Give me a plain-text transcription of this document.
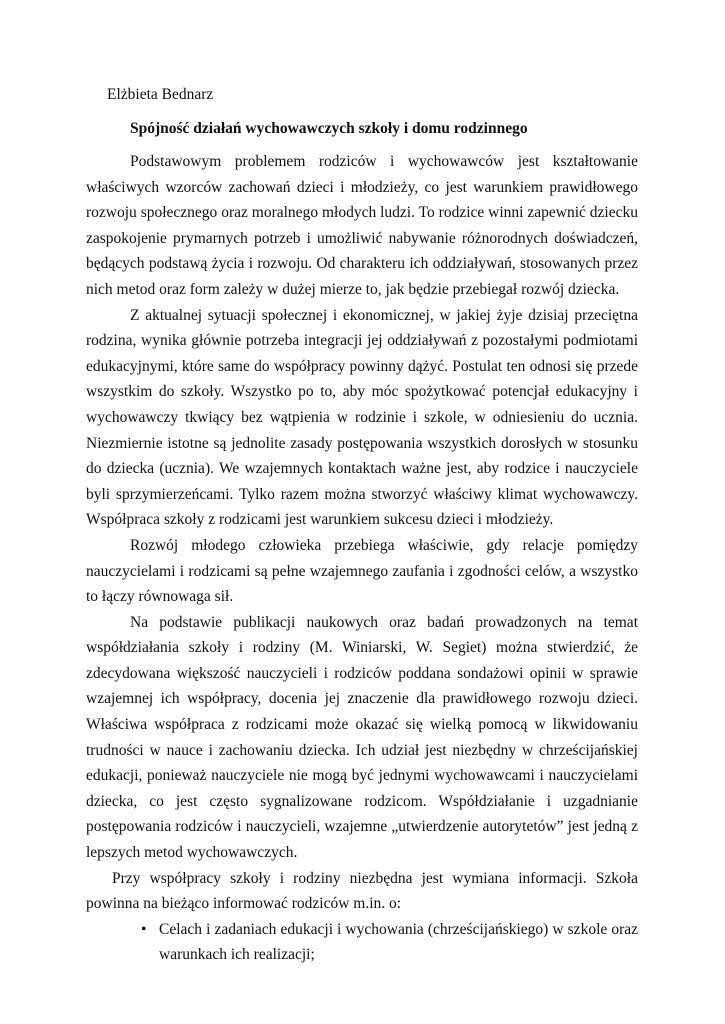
Elżbieta Bednarz

Spójność działań wychowawczych szkoły i domu rodzinnego

Podstawowym problemem rodziców i wychowawców jest kształtowanie właściwych wzorców zachowań dzieci i młodzieży, co jest warunkiem prawidłowego rozwoju społecznego oraz moralnego młodych ludzi. To rodzice winni zapewnić dziecku zaspokojenie prymarnych potrzeb i umożliwić nabywanie różnorodnych doświadczeń, będących podstawą życia i rozwoju. Od charakteru ich oddziaływań, stosowanych przez nich metod oraz form zależy w dużej mierze to, jak będzie przebiegał rozwój dziecka.

Z aktualnej sytuacji społecznej i ekonomicznej, w jakiej żyje dzisiaj przeciętna rodzina, wynika głównie potrzeba integracji jej oddziaływań z pozostałymi podmiotami edukacyjnymi, które same do współpracy powinny dążyć. Postulat ten odnosi się przede wszystkim do szkoły. Wszystko po to, aby móc spożytkować potencjał edukacyjny i wychowawczy tkwiący bez wątpienia w rodzinie i szkole, w odniesieniu do ucznia. Niezmiernie istotne są jednolite zasady postępowania wszystkich dorosłych w stosunku do dziecka (ucznia). We wzajemnych kontaktach ważne jest, aby rodzice i nauczyciele byli sprzymierzeńcami. Tylko razem można stworzyć właściwy klimat wychowawczy. Współpraca szkoły z rodzicami jest warunkiem sukcesu dzieci i młodzieży.

Rozwój młodego człowieka przebiega właściwie, gdy relacje pomiędzy nauczycielami i rodzicami są pełne wzajemnego zaufania i zgodności celów, a wszystko to łączy równowaga sił.

Na podstawie publikacji naukowych oraz badań prowadzonych na temat współdziałania szkoły i rodziny (M. Winiarski, W. Segiet) można stwierdzić, że zdecydowana większość nauczycieli i rodziców poddana sondażowi opinii w sprawie wzajemnej ich współpracy, docenia jej znaczenie dla prawidłowego rozwoju dzieci. Właściwa współpraca z rodzicami może okazać się wielką pomocą w likwidowaniu trudności w nauce i zachowaniu dziecka. Ich udział jest niezbędny w chrześcijańskiej edukacji, ponieważ nauczyciele nie mogą być jednymi wychowawcami i nauczycielami dziecka, co jest często sygnalizowane rodzicom. Współdziałanie i uzgadnianie postępowania rodziców i nauczycieli, wzajemne „utwierdzenie autorytetów” jest jedną z lepszych metod wychowawczych.

Przy współpracy szkoły i rodziny niezbędna jest wymiana informacji. Szkoła powinna na bieżąco informować rodziców m.in. o:

• Celach i zadaniach edukacji i wychowania (chrześcijańskiego) w szkole oraz warunkach ich realizacji;
